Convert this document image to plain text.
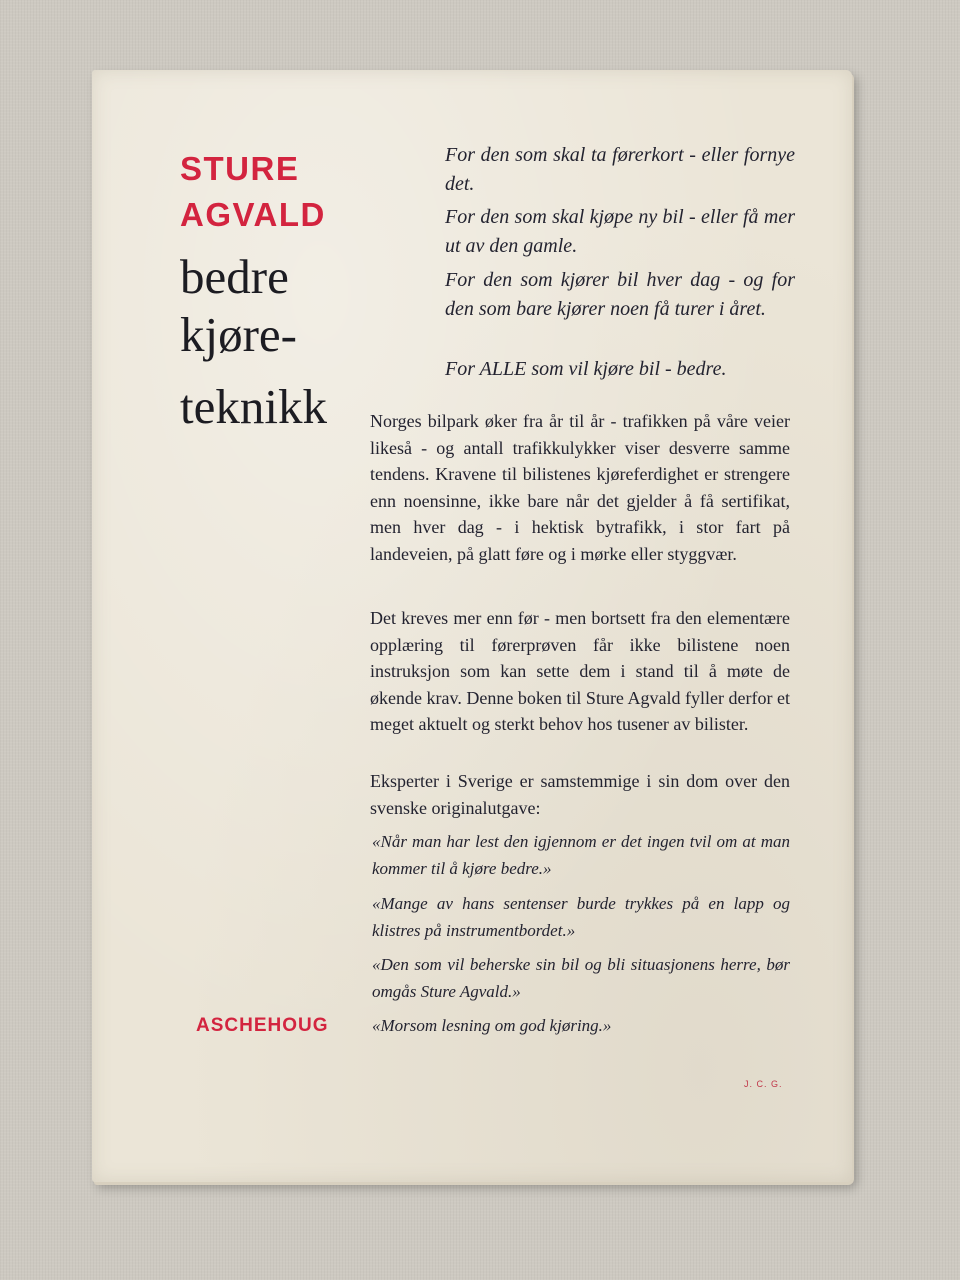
STURE
AGVALD
bedre
kjøre-
teknikk

For den som skal ta førerkort - eller fornye det.

For den som skal kjøpe ny bil - eller få mer ut av den gamle.

For den som kjører bil hver dag - og for den som bare kjører noen få turer i året.

For ALLE som vil kjøre bil - bedre.

Norges bilpark øker fra år til år - trafikken på våre veier likeså - og antall trafikkulykker viser desverre samme tendens. Kravene til bilistenes kjøreferdighet er strengere enn noensinne, ikke bare når det gjelder å få sertifikat, men hver dag - i hektisk bytrafikk, i stor fart på landeveien, på glatt føre og i mørke eller styggvær.

Det kreves mer enn før - men bortsett fra den elementære opplæring til førerprøven får ikke bilistene noen instruksjon som kan sette dem i stand til å møte de økende krav. Denne boken til Sture Agvald fyller derfor et meget aktuelt og sterkt behov hos tusener av bilister.

Eksperter i Sverige er samstemmige i sin dom over den svenske originalutgave:

«Når man har lest den igjennom er det ingen tvil om at man kommer til å kjøre bedre.»

«Mange av hans sentenser burde trykkes på en lapp og klistres på instrumentbordet.»

«Den som vil beherske sin bil og bli situasjonens herre, bør omgås Sture Agvald.»

«Morsom lesning om god kjøring.»

ASCHEHOUG
J. C. G.
